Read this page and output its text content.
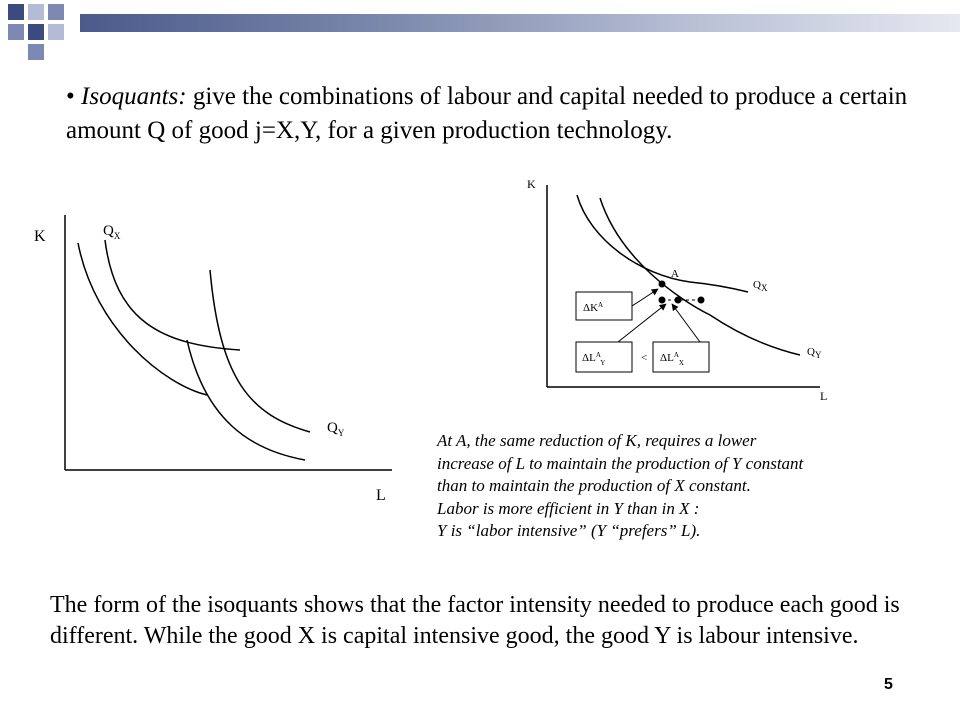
• Isoquants: give the combinations of labour and capital needed to produce a certain amount Q of good j=X,Y, for a given production technology.
K
L
$Q_X$
$Q_Y$
K
L
A
$Q_X$
$Q_Y$
$\Delta K^A$
$\Delta L^A_Y$	< $\Delta L^A_X$
At A, the same reduction of K, requires a lower
increase of L to maintain the production of Y constant
than to maintain the production of X constant.
Labor is more efficient in Y than in X :
Y is “labor intensive” (Y “prefers” L).
The form of the isoquants shows that the factor intensity needed to produce each good is different. While the good X is capital intensive good, the good Y is labour intensive.
5
